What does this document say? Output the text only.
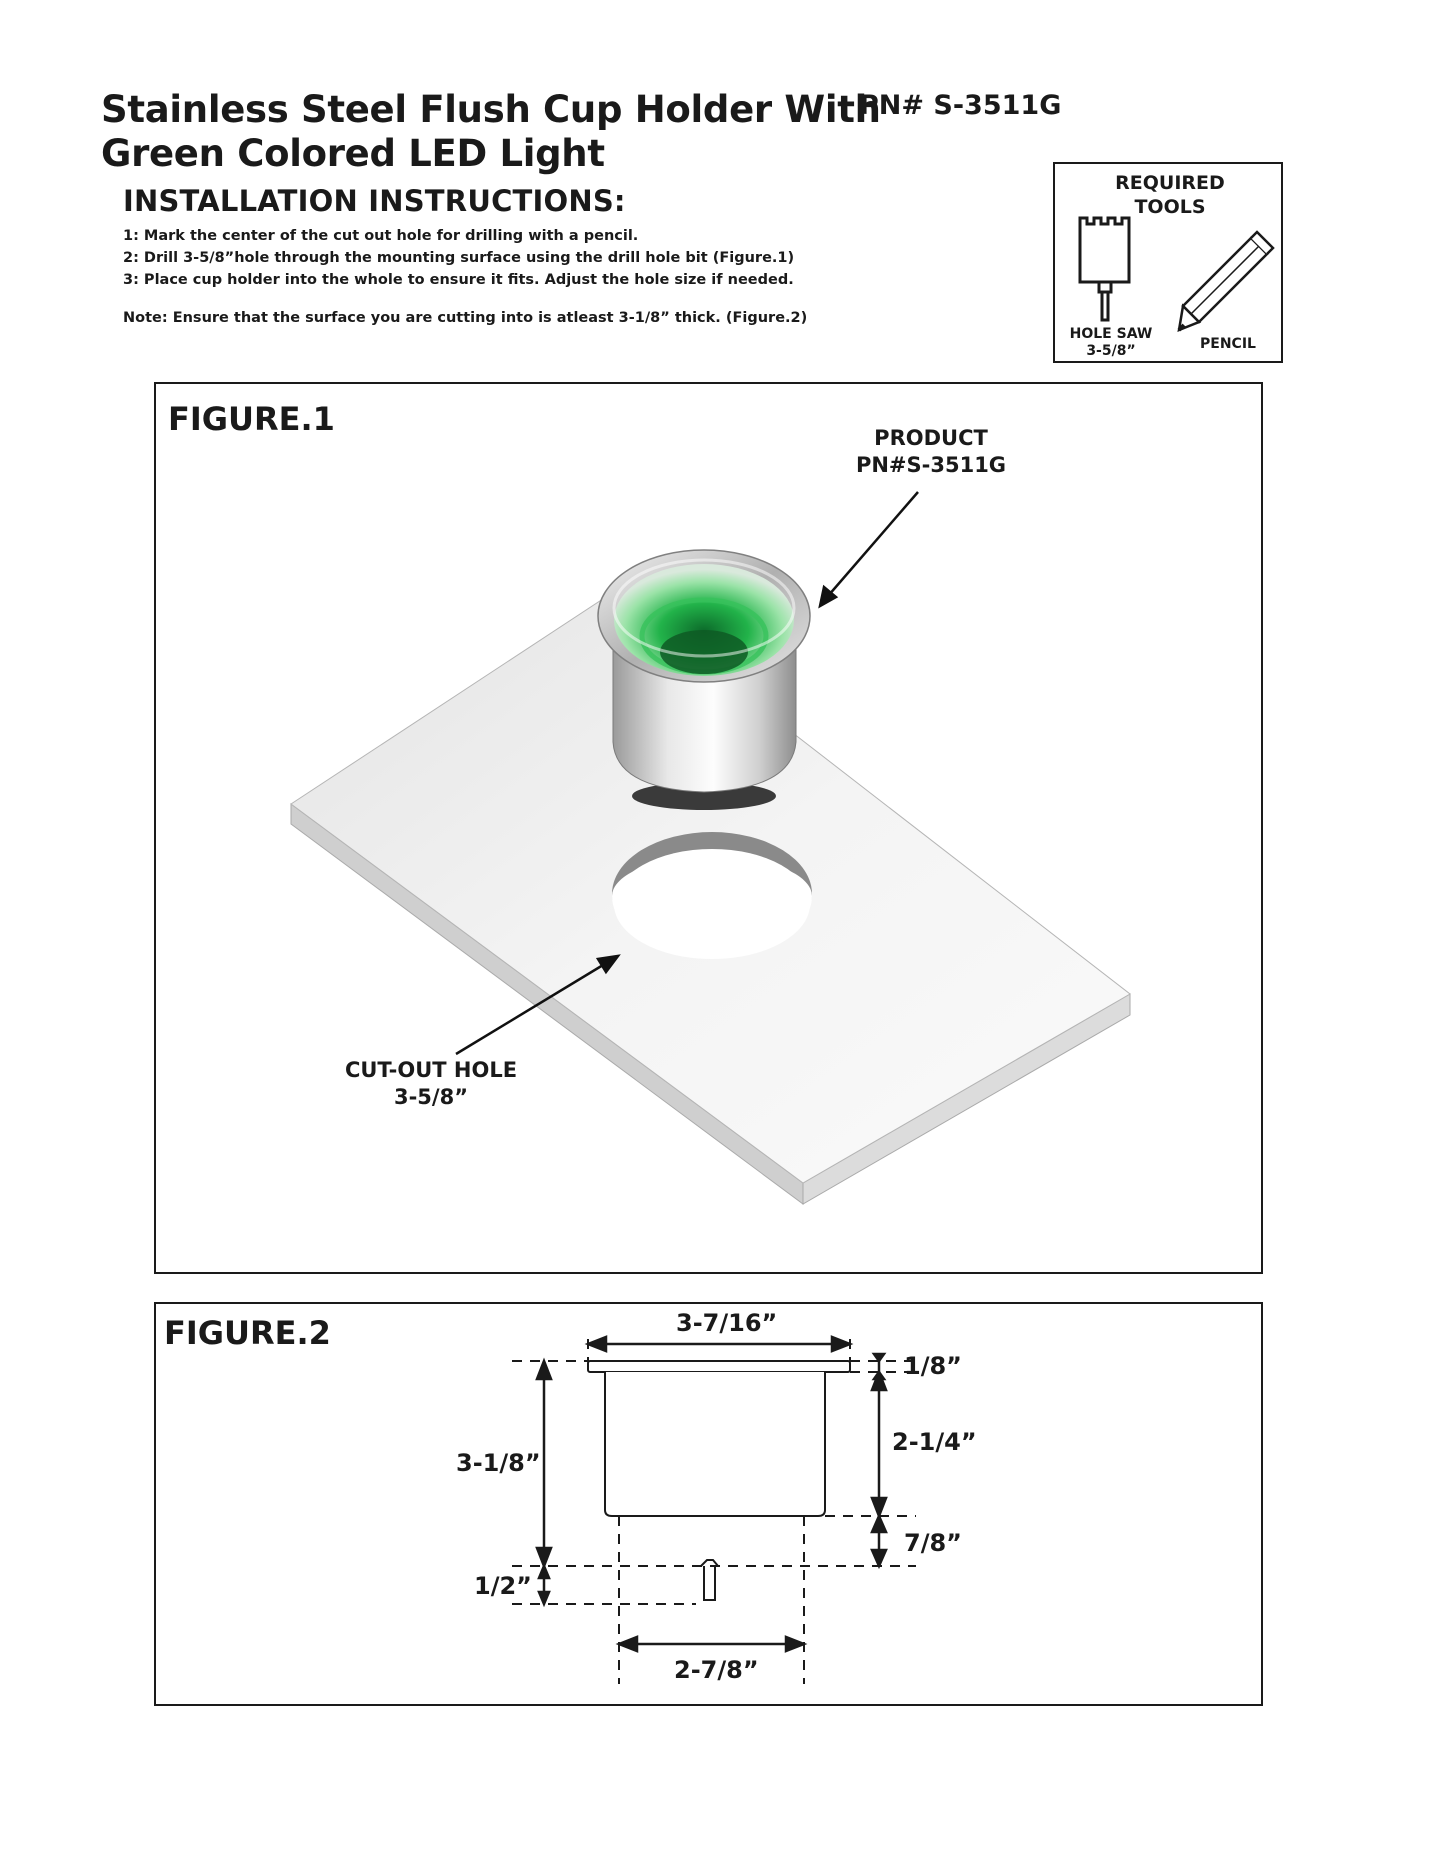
Stainless Steel Flush Cup Holder With
Green Colored LED Light
PN# S-3511G
INSTALLATION INSTRUCTIONS:
1: Mark the center of the cut out hole for drilling with a pencil.
2: Drill 3-5/8”hole through the mounting surface using the drill hole bit (Figure.1)
3: Place cup holder into the whole to ensure it fits. Adjust the hole size if needed.
Note: Ensure that the surface you are cutting into is atleast 3-1/8” thick. (Figure.2)
REQUIRED
TOOLS
HOLE SAW
3-5/8”	PENCIL
FIGURE.1	PRODUCT
PN#S-3511G
CUT-OUT HOLE
3-5/8”
FIGURE.2	3-7/16”
1/8”
2-1/4”
7/8”
3-1/8”
1/2”
2-7/8”
